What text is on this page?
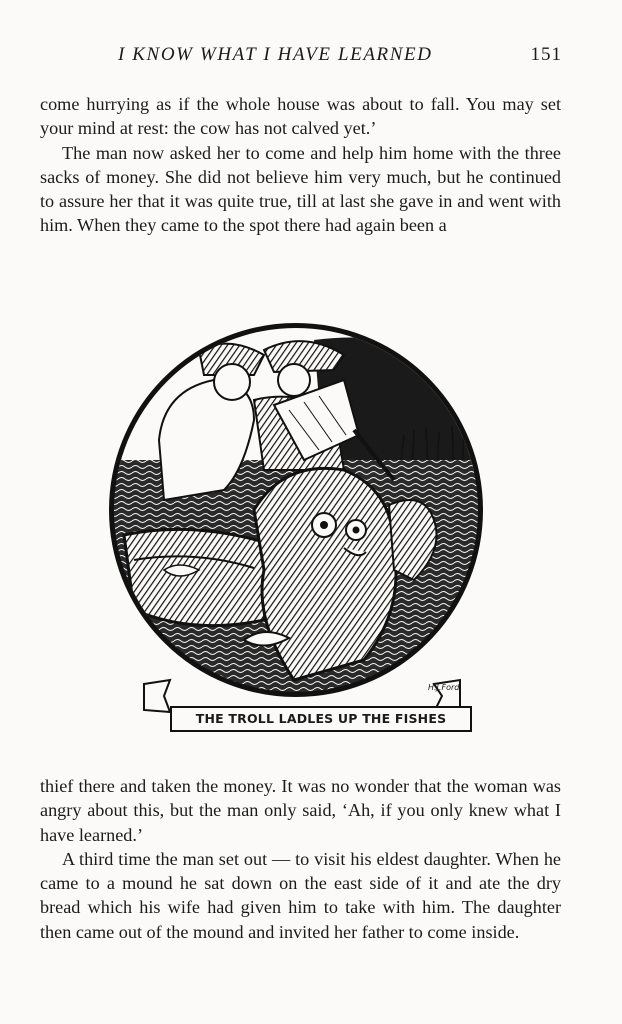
I KNOW WHAT I HAVE LEARNED	151

come hurrying as if the whole house was about to fall. You may set your mind at rest: the cow has not calved yet.’

The man now asked her to come and help him home with the three sacks of money. She did not believe him very much, but he continued to assure her that it was quite true, till at last she gave in and went with him. When they came to the spot there had again been a

H.J.Ford.
THE TROLL LADLES UP THE FISHES

thief there and taken the money. It was no wonder that the woman was angry about this, but the man only said, ‘Ah, if you only knew what I have learned.’

A third time the man set out — to visit his eldest daughter. When he came to a mound he sat down on the east side of it and ate the dry bread which his wife had given him to take with him. The daughter then came out of the mound and invited her father to come inside.
